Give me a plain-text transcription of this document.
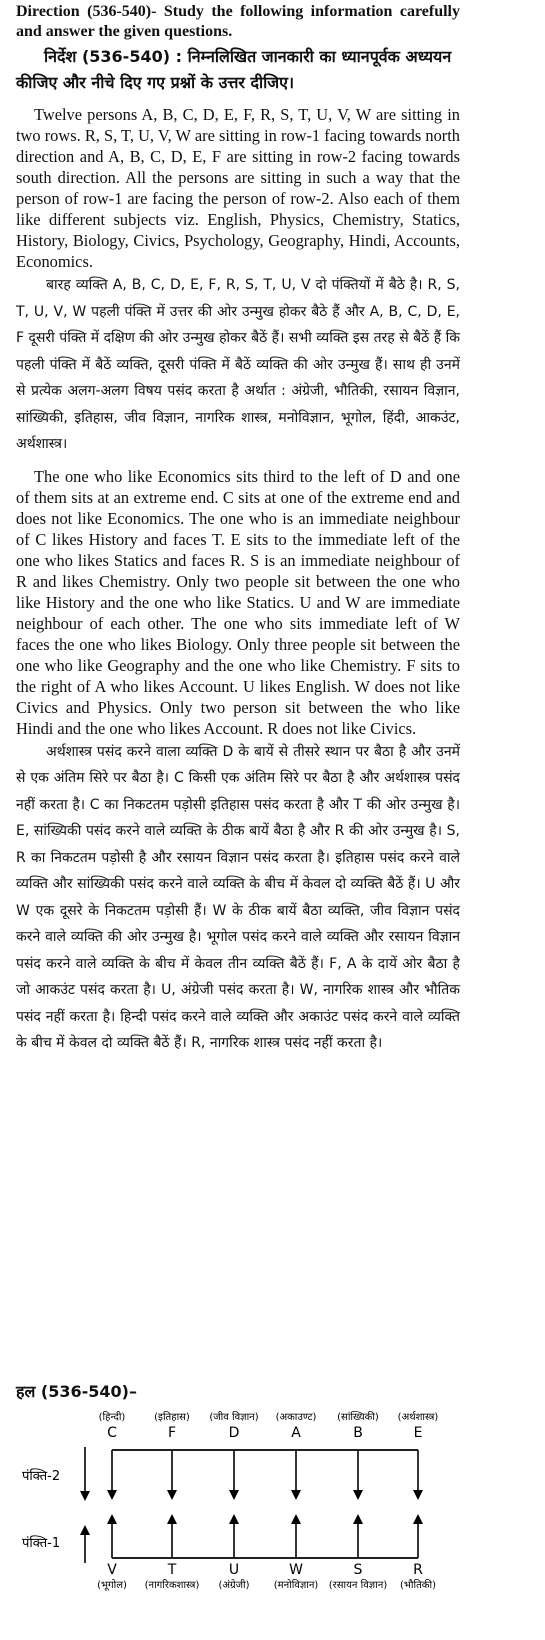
Direction (536-540)- Study the following information carefully and answer the given questions.

निर्देश (536-540) : निम्नलिखित जानकारी का ध्यानपूर्वक अध्ययन कीजिए और नीचे दिए गए प्रश्नों के उत्तर दीजिए।

Twelve persons A, B, C, D, E, F, R, S, T, U, V, W are sitting in two rows. R, S, T, U, V, W are sitting in row-1 facing towards north direction and A, B, C, D, E, F are sitting in row-2 facing towards south direction. All the persons are sitting in such a way that the person of row-1 are facing the person of row-2. Also each of them like different subjects viz. English, Physics, Chemistry, Statics, History, Biology, Civics, Psychology, Geography, Hindi, Accounts, Economics.

बारह व्यक्ति A, B, C, D, E, F, R, S, T, U, V दो पंक्तियों में बैठे है। R, S, T, U, V, W पहली पंक्ति में उत्तर की ओर उन्मुख होकर बैठे हैं और A, B, C, D, E, F दूसरी पंक्ति में दक्षिण की ओर उन्मुख होकर बैठें हैं। सभी व्यक्ति इस तरह से बैठें हैं कि पहली पंक्ति में बैठें व्यक्ति, दूसरी पंक्ति में बैठें व्यक्ति की ओर उन्मुख हैं। साथ ही उनमें से प्रत्येक अलग-अलग विषय पसंद करता है अर्थात : अंग्रेजी, भौतिकी, रसायन विज्ञान, सांख्यिकी, इतिहास, जीव विज्ञान, नागरिक शास्त्र, मनोविज्ञान, भूगोल, हिंदी, आकउंट, अर्थशास्त्र।

The one who like Economics sits third to the left of D and one of them sits at an extreme end. C sits at one of the extreme end and does not like Economics. The one who is an immediate neighbour of C likes History and faces T. E sits to the immediate left of the one who likes Statics and faces R. S is an immediate neighbour of R and likes Chemistry. Only two people sit between the one who like History and the one who like Statics. U and W are immediate neighbour of each other. The one who sits immediate left of W faces the one who likes Biology. Only three people sit between the one who like Geography and the one who like Chemistry. F sits to the right of A who likes Account. U likes English. W does not like Civics and Physics. Only two person sit between the who like Hindi and the one who likes Account. R does not like Civics.

अर्थशास्त्र पसंद करने वाला व्यक्ति D के बायें से तीसरे स्थान पर बैठा है और उनमें से एक अंतिम सिरे पर बैठा है। C किसी एक अंतिम सिरे पर बैठा है और अर्थशास्त्र पसंद नहीं करता है। C का निकटतम पड़ोसी इतिहास पसंद करता है और T की ओर उन्मुख है। E, सांख्यिकी पसंद करने वाले व्यक्ति के ठीक बायें बैठा है और R की ओर उन्मुख है। S, R का निकटतम पड़ोसी है और रसायन विज्ञान पसंद करता है। इतिहास पसंद करने वाले व्यक्ति और सांख्यिकी पसंद करने वाले व्यक्ति के बीच में केवल दो व्यक्ति बैठें हैं। U और W एक दूसरे के निकटतम पड़ोसी हैं। W के ठीक बायें बैठा व्यक्ति, जीव विज्ञान पसंद करने वाले व्यक्ति की ओर उन्मुख है। भूगोल पसंद करने वाले व्यक्ति और रसायन विज्ञान पसंद करने वाले व्यक्ति के बीच में केवल तीन व्यक्ति बैठें हैं। F, A के दायें ओर बैठा है जो आकउंट पसंद करता है। U, अंग्रेजी पसंद करता है। W, नागरिक शास्त्र और भौतिक पसंद नहीं करता है। हिन्दी पसंद करने वाले व्यक्ति और अकाउंट पसंद करने वाले व्यक्ति के बीच में केवल दो व्यक्ति बैठें हैं। R, नागरिक शास्त्र पसंद नहीं करता है।

हल (536-540)–
पंक्ति-2
पंक्ति-1
(हिन्दी)
C
(इतिहास)
F
(जीव विज्ञान)
D
(अकाउण्ट)
A
(सांख्यिकी)
B
(अर्थशास्त्र)
E
(भूगोल)
V
(नागरिकशास्त्र)
T
(अंग्रेजी)
U
(मनोविज्ञान)
W
(रसायन विज्ञान)
S
(भौतिकी)
R
